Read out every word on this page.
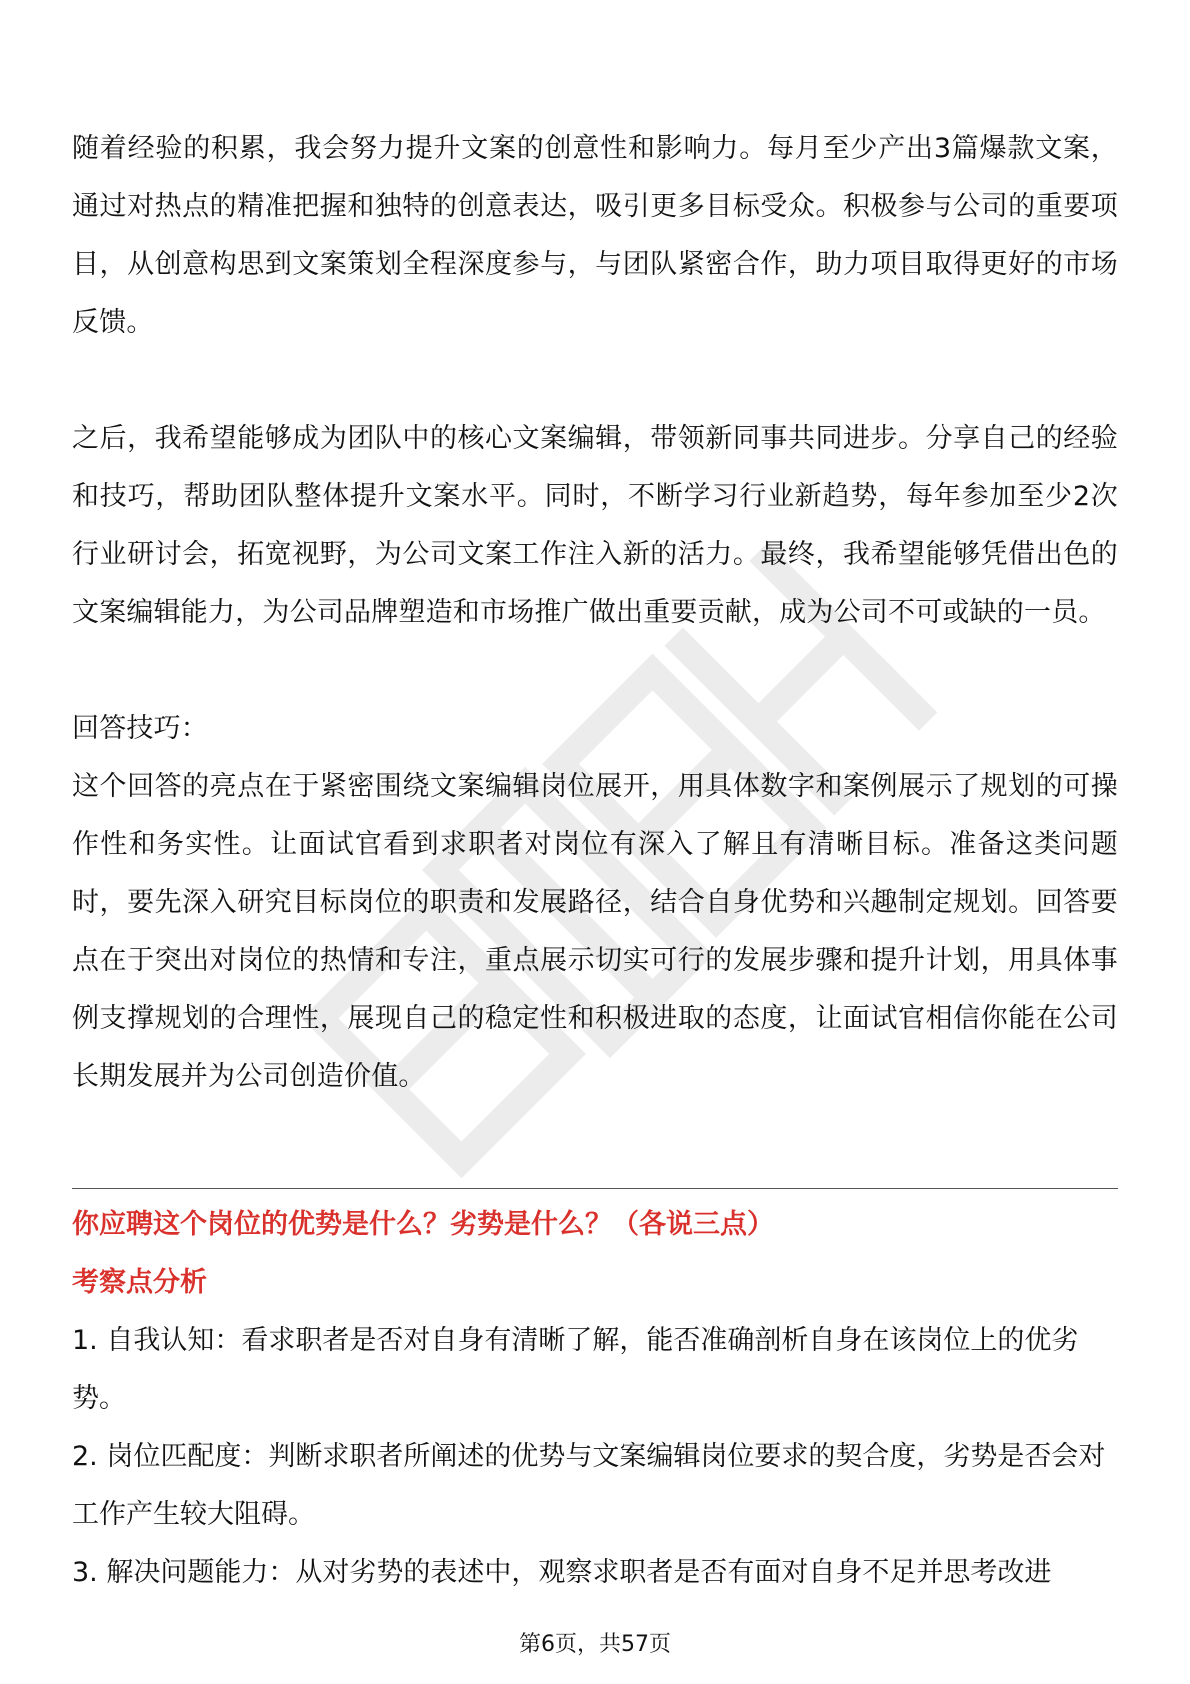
随着经验的积累，我会努力提升文案的创意性和影响力。每月至少产出3篇爆款文案，通过对热点的精准把握和独特的创意表达，吸引更多目标受众。积极参与公司的重要项目，从创意构思到文案策划全程深度参与，与团队紧密合作，助力项目取得更好的市场反馈。

之后，我希望能够成为团队中的核心文案编辑，带领新同事共同进步。分享自己的经验和技巧，帮助团队整体提升文案水平。同时，不断学习行业新趋势，每年参加至少2次行业研讨会，拓宽视野，为公司文案工作注入新的活力。最终，我希望能够凭借出色的文案编辑能力，为公司品牌塑造和市场推广做出重要贡献，成为公司不可或缺的一员。

回答技巧：

这个回答的亮点在于紧密围绕文案编辑岗位展开，用具体数字和案例展示了规划的可操作性和务实性。让面试官看到求职者对岗位有深入了解且有清晰目标。准备这类问题时，要先深入研究目标岗位的职责和发展路径，结合自身优势和兴趣制定规划。回答要点在于突出对岗位的热情和专注，重点展示切实可行的发展步骤和提升计划，用具体事例支撑规划的合理性，展现自己的稳定性和积极进取的态度，让面试官相信你能在公司长期发展并为公司创造价值。

你应聘这个岗位的优势是什么？劣势是什么？（各说三点）

考察点分析

1. 自我认知：看求职者是否对自身有清晰了解，能否准确剖析自身在该岗位上的优劣势。

2. 岗位匹配度：判断求职者所阐述的优势与文案编辑岗位要求的契合度，劣势是否会对工作产生较大阻碍。

3. 解决问题能力：从对劣势的表述中，观察求职者是否有面对自身不足并思考改进

第6页，共57页
